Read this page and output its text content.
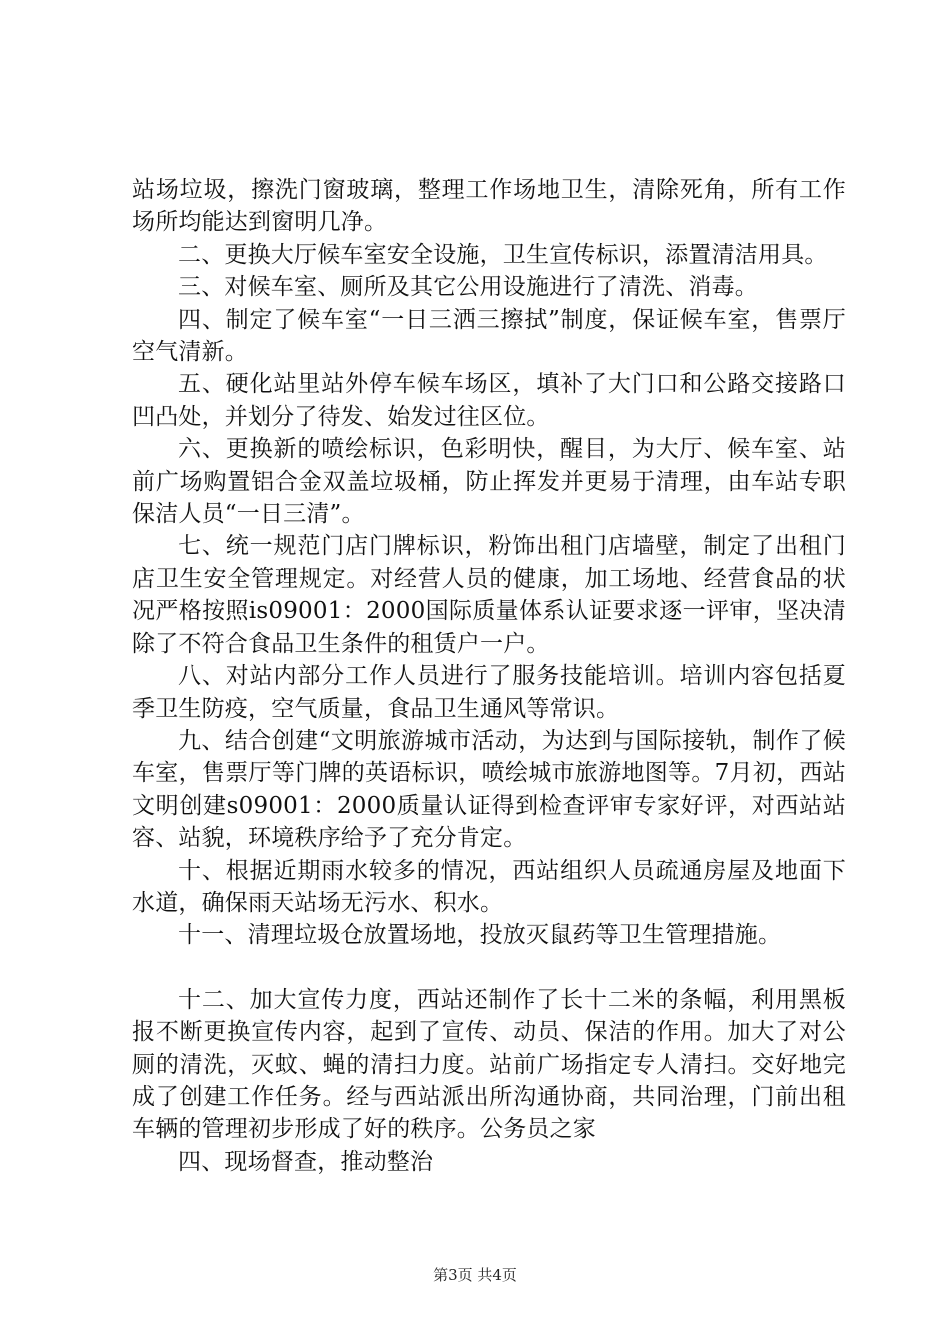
站场垃圾，擦洗门窗玻璃，整理工作场地卫生，清除死角，所有工作场所均能达到窗明几净。

二、更换大厅候车室安全设施，卫生宣传标识，添置清洁用具。

三、对候车室、厕所及其它公用设施进行了清洗、消毒。

四、制定了候车室“一日三洒三擦拭”制度，保证候车室，售票厅空气清新。

五、硬化站里站外停车候车场区，填补了大门口和公路交接路口凹凸处，并划分了待发、始发过往区位。

六、更换新的喷绘标识，色彩明快，醒目，为大厅、候车室、站前广场购置铝合金双盖垃圾桶，防止挥发并更易于清理，由车站专职保洁人员“一日三清”。

七、统一规范门店门牌标识，粉饰出租门店墙壁，制定了出租门店卫生安全管理规定。对经营人员的健康，加工场地、经营食品的状况严格按照is09001：2000国际质量体系认证要求逐一评审，坚决清除了不符合食品卫生条件的租赁户一户。

八、对站内部分工作人员进行了服务技能培训。培训内容包括夏季卫生防疫，空气质量，食品卫生通风等常识。

九、结合创建“文明旅游城市活动，为达到与国际接轨，制作了候车室，售票厅等门牌的英语标识，喷绘城市旅游地图等。7月初，西站文明创建s09001：2000质量认证得到检查评审专家好评，对西站站容、站貌，环境秩序给予了充分肯定。

十、根据近期雨水较多的情况，西站组织人员疏通房屋及地面下水道，确保雨天站场无污水、积水。

十一、清理垃圾仓放置场地，投放灭鼠药等卫生管理措施。

十二、加大宣传力度，西站还制作了长十二米的条幅，利用黑板报不断更换宣传内容，起到了宣传、动员、保洁的作用。加大了对公厕的清洗，灭蚊、蝇的清扫力度。站前广场指定专人清扫。交好地完成了创建工作任务。经与西站派出所沟通协商，共同治理，门前出租车辆的管理初步形成了好的秩序。公务员之家

四、现场督查，推动整治

第3页 共4页
